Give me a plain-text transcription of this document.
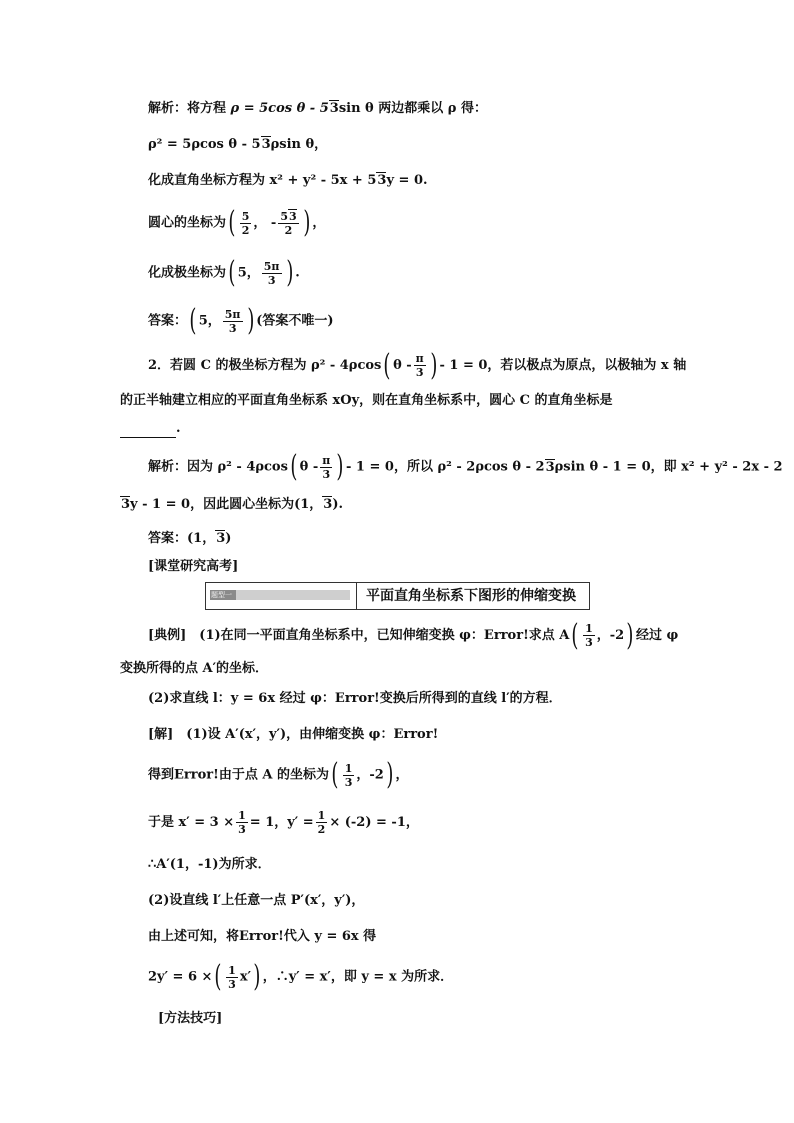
解析：将方程 ρ = 5cos θ - 53sin θ 两边都乘以 ρ 得：
ρ² = 5ρcos θ - 53ρsin θ，
化成直角坐标方程为 x² + y² - 5x + 53y = 0.
圆心的坐标为( $\frac{5}{2}$ ， - $\frac{53}{2}$ ) ，
化成极坐标为( 5， $\frac{5\pi}{3}$ ) .
答案：( 5， $\frac{5\pi}{3}$ ) (答案不唯一)
2．若圆 C 的极坐标方程为 ρ² - 4ρcos( θ - $\frac{\pi}{3}$ ) - 1 = 0，若以极点为原点，以极轴为 x 轴
的正半轴建立相应的平面直角坐标系 xOy，则在直角坐标系中，圆心 C 的直角坐标是
.
解析：因为 ρ² - 4ρcos( θ - $\frac{\pi}{3}$ ) - 1 = 0，所以 ρ² - 2ρcos θ - 23ρsin θ - 1 = 0，即 x² + y² - 2x - 2
3y - 1 = 0，因此圆心坐标为(1，3).
答案：(1，3)
[课堂研究高考]
题型一	平面直角坐标系下图形的伸缩变换
[典例]　(1)在同一平面直角坐标系中，已知伸缩变换 φ：Error!求点 $A( \frac{1}{3}$ ，-2) 经过 φ
变换所得的点 A′的坐标．
(2)求直线 l：y = 6x 经过 φ：Error!变换后所得到的直线 l′的方程．
[解]　(1)设 A′(x′，y′)，由伸缩变换 φ：Error!
得到Error!由于点 A 的坐标为( $\frac{1}{3}$ ，-2) ，
于是 $x' = 3 \times \frac{1}{3} = 1$，$y' = \frac{1}{2} \times (-2) = -1$，
∴A′(1，-1)为所求．
(2)设直线 l′上任意一点 P′(x′，y′)，
由上述可知，将Error!代入 y = 6x 得
2y′ = 6 ×( $\frac{1}{3} x'$) ，∴y′ = x′，即 y = x 为所求．
[方法技巧]
